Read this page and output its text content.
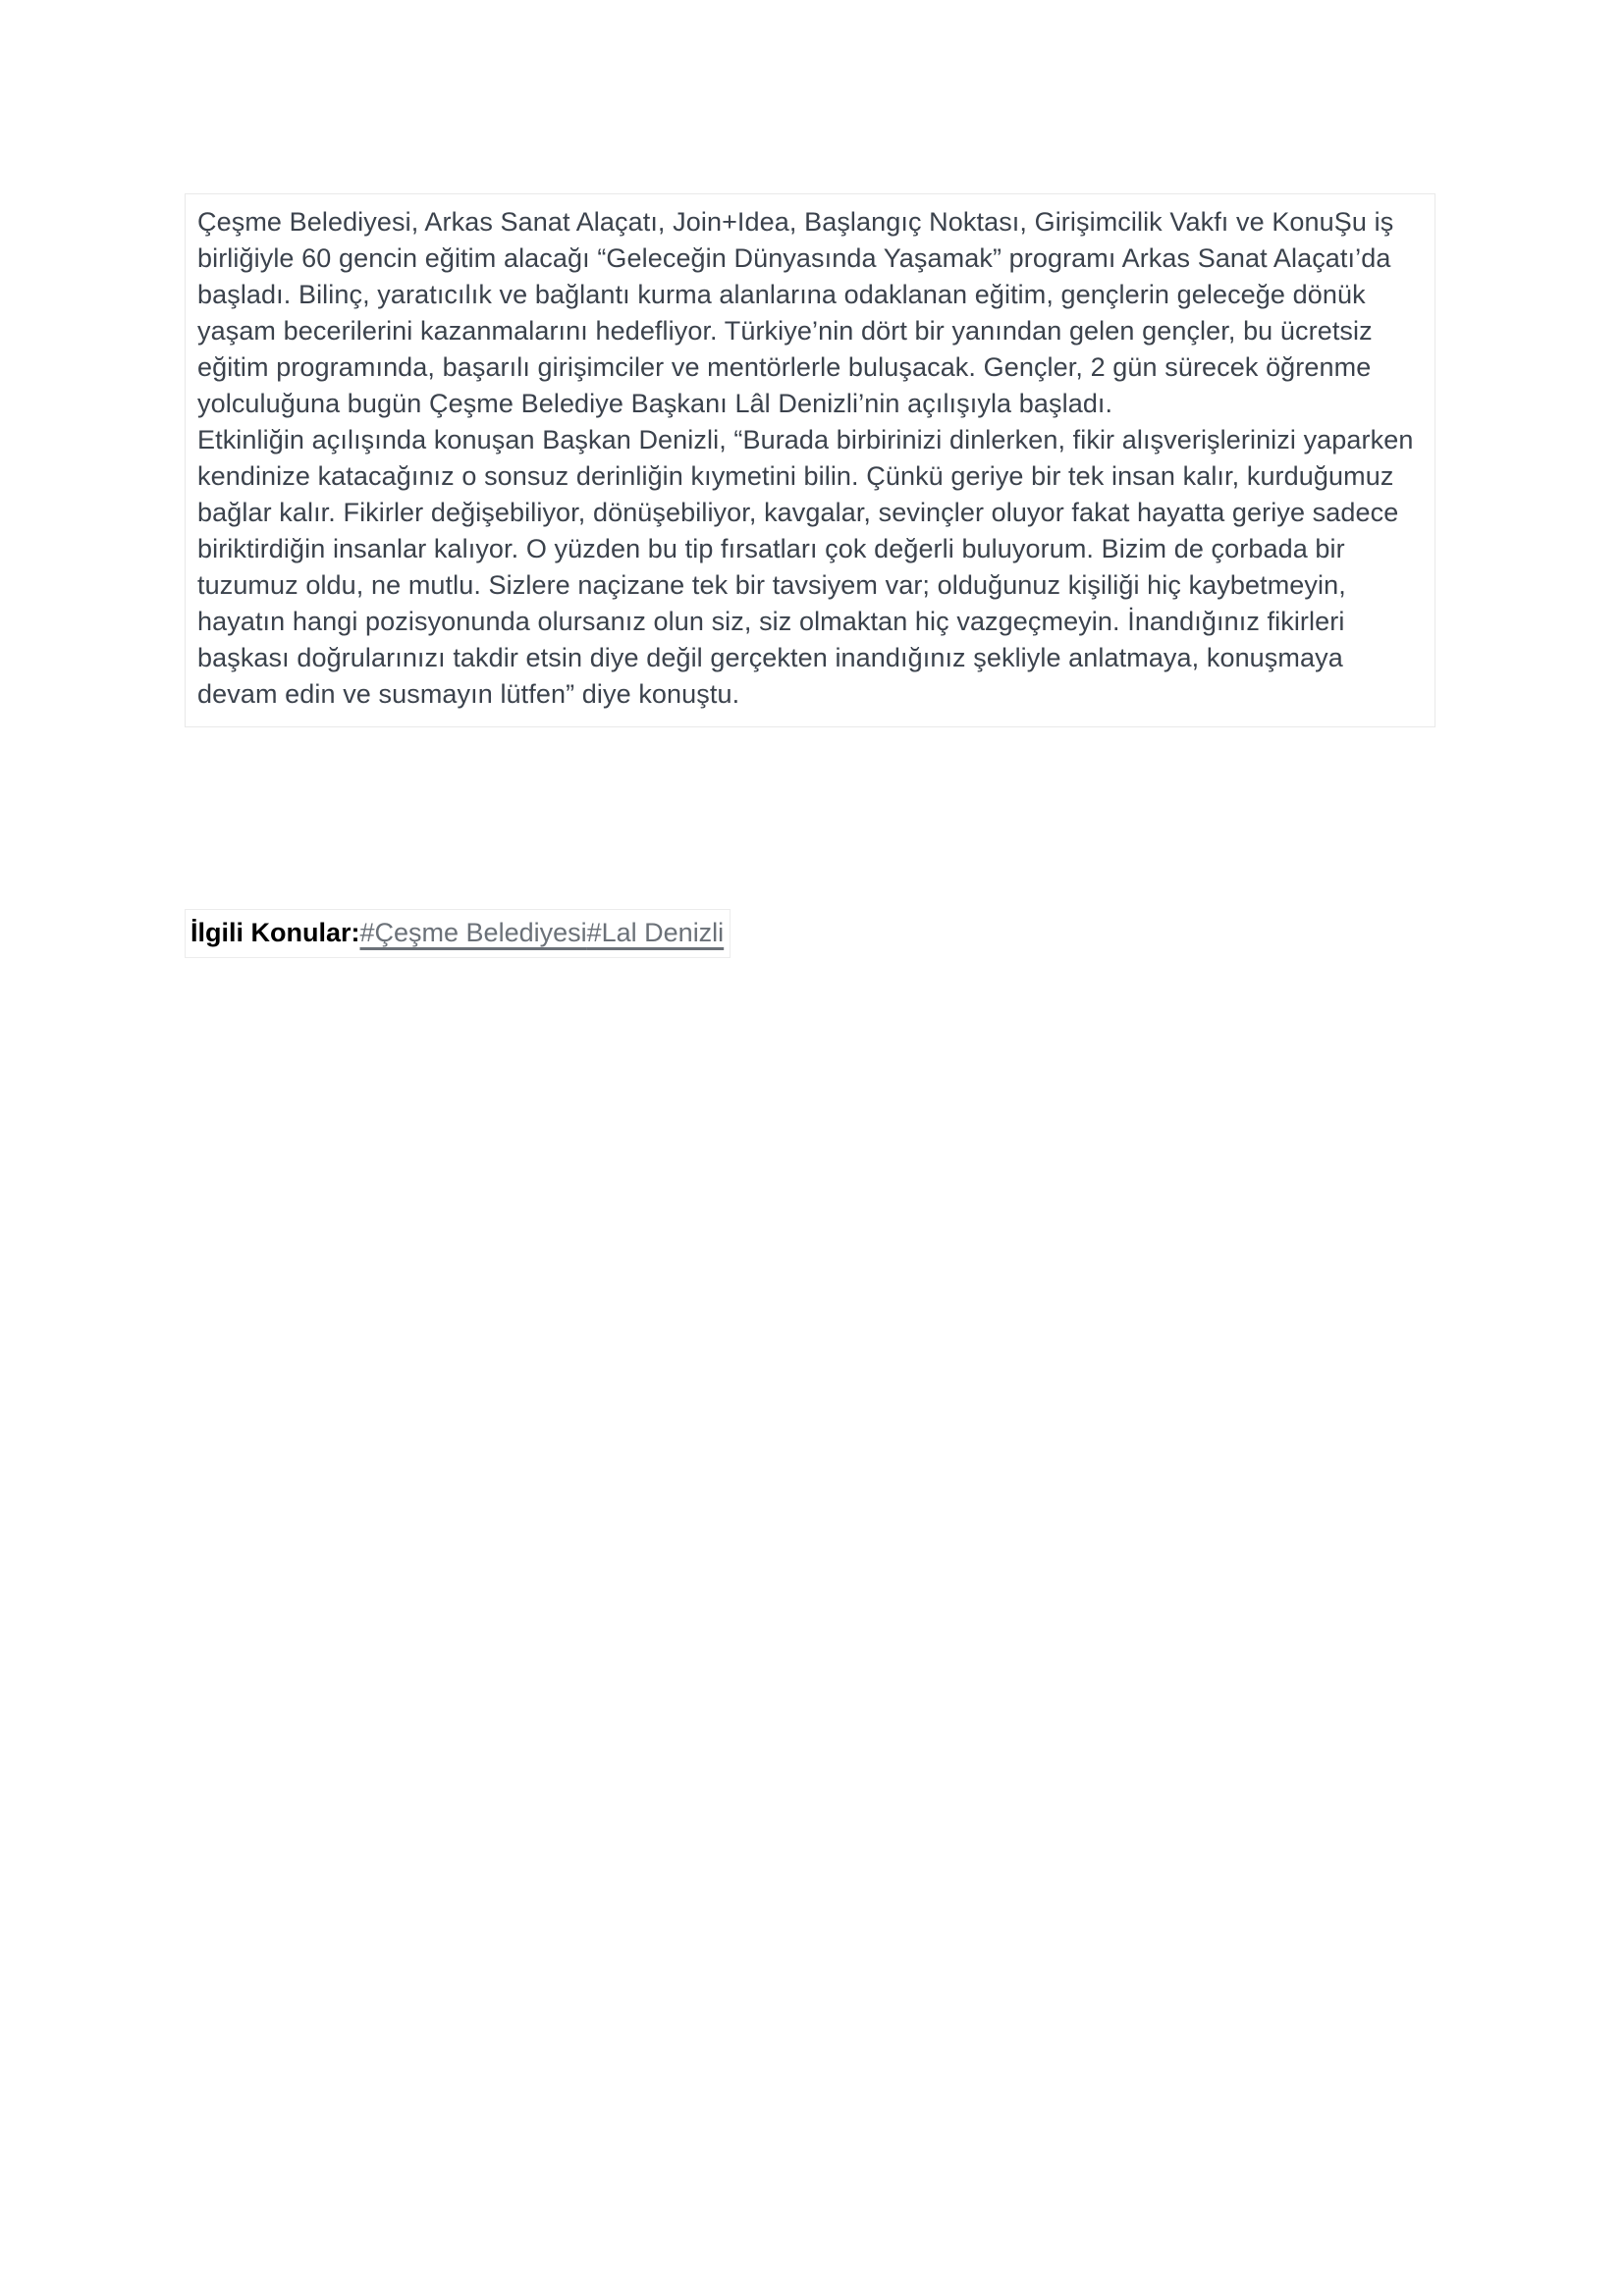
Çeşme Belediyesi, Arkas Sanat Alaçatı, Join+Idea, Başlangıç Noktası, Girişimcilik Vakfı ve KonuŞu iş birliğiyle 60 gencin eğitim alacağı “Geleceğin Dünyasında Yaşamak” programı Arkas Sanat Alaçatı’da başladı. Bilinç, yaratıcılık ve bağlantı kurma alanlarına odaklanan eğitim, gençlerin geleceğe dönük yaşam becerilerini kazanmalarını hedefliyor. Türkiye’nin dört bir yanından gelen gençler, bu ücretsiz eğitim programında, başarılı girişimciler ve mentörlerle buluşacak. Gençler, 2 gün sürecek öğrenme yolculuğuna bugün Çeşme Belediye Başkanı Lâl Denizli’nin açılışıyla başladı.

Etkinliğin açılışında konuşan Başkan Denizli, “Burada birbirinizi dinlerken, fikir alışverişlerinizi yaparken kendinize katacağınız o sonsuz derinliğin kıymetini bilin. Çünkü geriye bir tek insan kalır, kurduğumuz bağlar kalır. Fikirler değişebiliyor, dönüşebiliyor, kavgalar, sevinçler oluyor fakat hayatta geriye sadece biriktirdiğin insanlar kalıyor. O yüzden bu tip fırsatları çok değerli buluyorum. Bizim de çorbada bir tuzumuz oldu, ne mutlu. Sizlere naçizane tek bir tavsiyem var; olduğunuz kişiliği hiç kaybetmeyin, hayatın hangi pozisyonunda olursanız olun siz, siz olmaktan hiç vazgeçmeyin. İnandığınız fikirleri başkası doğrularınızı takdir etsin diye değil gerçekten inandığınız şekliyle anlatmaya, konuşmaya devam edin ve susmayın lütfen” diye konuştu.

İlgili Konular:#Çeşme Belediyesi#Lal Denizli
